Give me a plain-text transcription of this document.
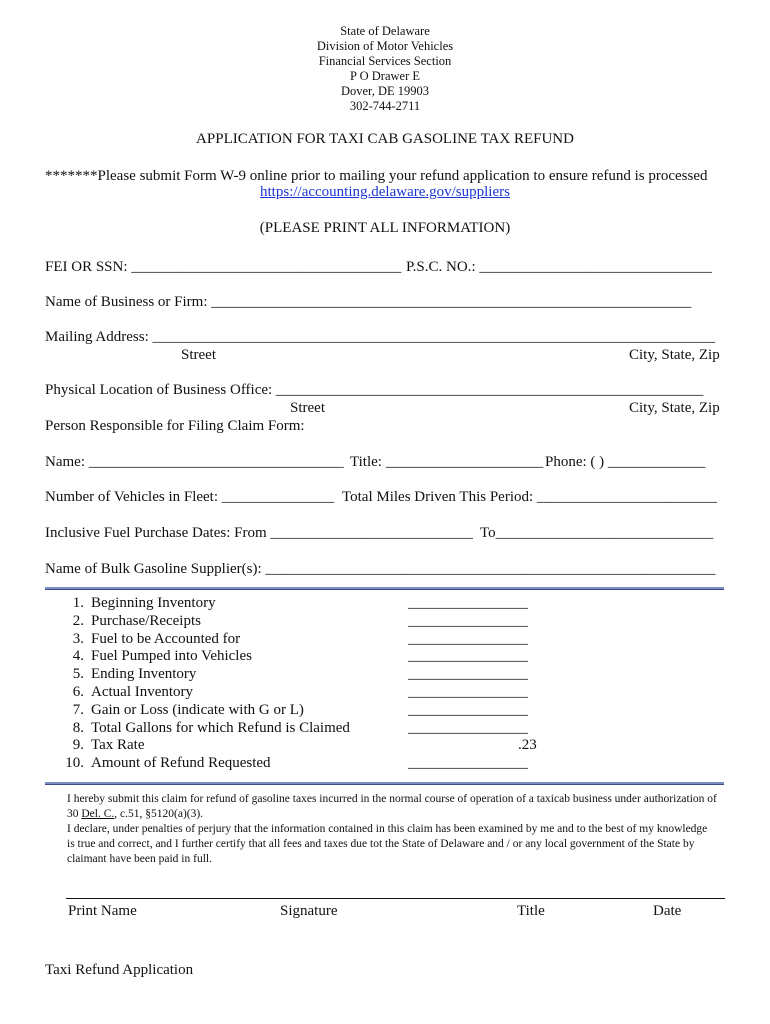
State of Delaware
Division of Motor Vehicles
Financial Services Section
P O Drawer E
Dover, DE 19903
302-744-2711
APPLICATION FOR TAXI CAB GASOLINE TAX REFUND
*******Please submit Form W-9 online prior to mailing your refund application to ensure refund is processed
https://accounting.delaware.gov/suppliers
(PLEASE PRINT ALL INFORMATION)
FEI OR SSN: ____________________________________ P.S.C. NO.: _______________________________
Name of Business or Firm: ________________________________________________________________
Mailing Address: ___________________________________________________________________________
Street	City, State, Zip
Physical Location of Business Office: _________________________________________________________
Street	City, State, Zip
Person Responsible for Filing Claim Form:
Name: __________________________________ Title: _____________________ Phone: ( ) _____________
Number of Vehicles in Fleet: _______________ Total Miles Driven This Period: ________________________
Inclusive Fuel Purchase Dates: From ___________________________ To_____________________________
Name of Bulk Gasoline Supplier(s): ____________________________________________________________
1. Beginning Inventory	________________
2. Purchase/Receipts	________________
3. Fuel to be Accounted for	________________
4. Fuel Pumped into Vehicles	________________
5. Ending Inventory	________________
6. Actual Inventory	________________
7. Gain or Loss (indicate with G or L)	________________
8. Total Gallons for which Refund is Claimed	________________
9. Tax Rate	.23
10. Amount of Refund Requested	________________
I hereby submit this claim for refund of gasoline taxes incurred in the normal course of operation of a taxicab business under authorization of 30 Del. C., c.51, §5120(a)(3).
I declare, under penalties of perjury that the information contained in this claim has been examined by me and to the best of my knowledge is true and correct, and I further certify that all fees and taxes due tot the State of Delaware and / or any local government of the State by claimant have been paid in full.
Print Name	Signature	Title	Date
Taxi Refund Application
